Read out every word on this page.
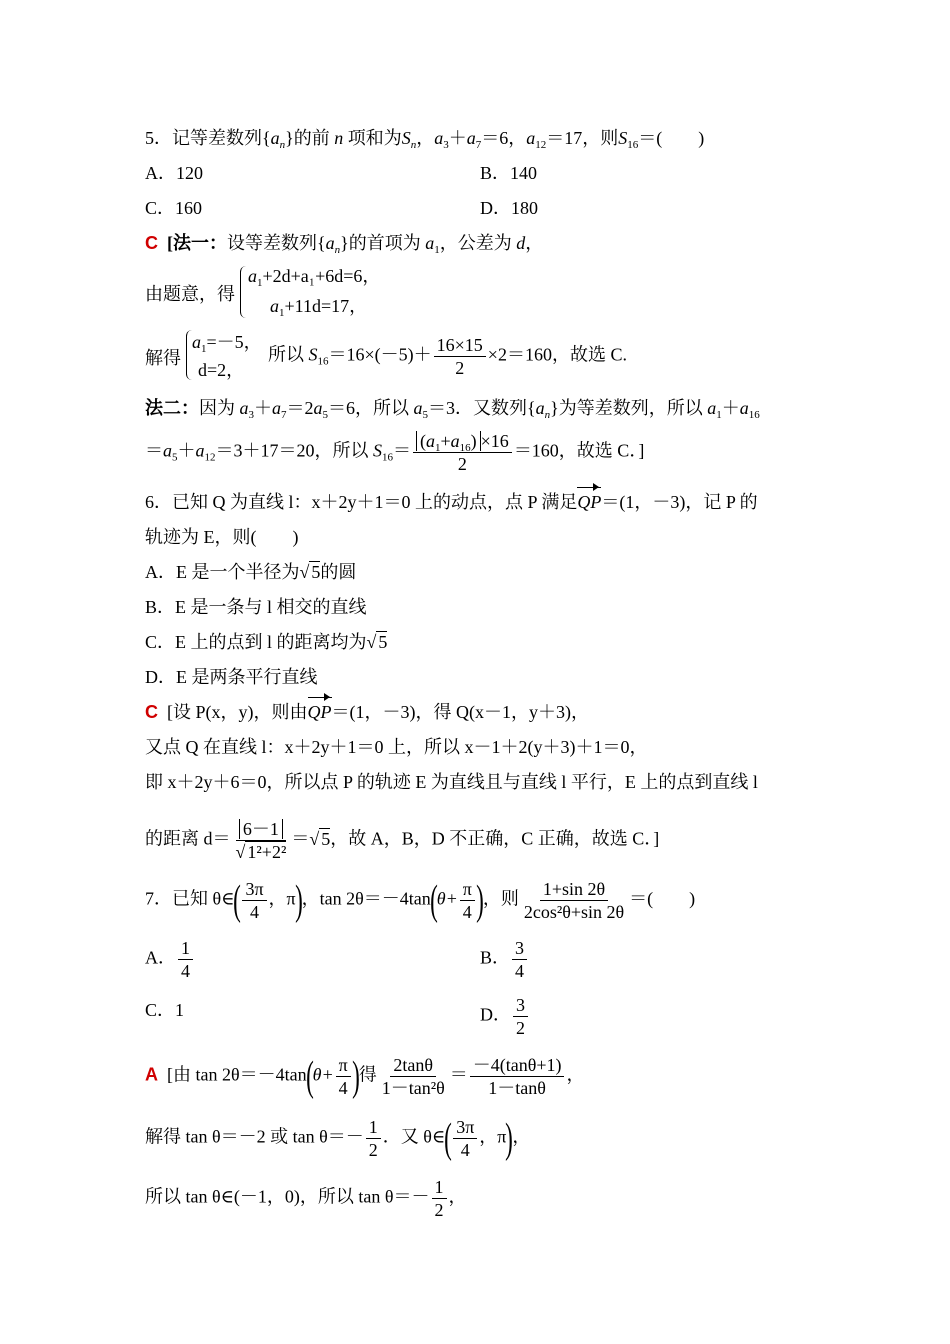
5．记等差数列$\{a_n\}$的前 n 项和为$S_n$，$a_3+a_7=6$，$a_{12}=17$，则$S_{16}=$(　　)
A．120	B．140
C．160	D．180
C [法一：设等差数列$\{a_n\}$的首项为 $a_1$，公差为 d，
由题意，得
$a_1+2d+a_1+6d=6$，
$a_1+11d=17$，
解得
$a_1=-5$，
d=2，
所以 $S_{16}=16\times(-5)+ \frac{16\times 15}{2} \times 2=160$，故选 C.
法二：因为 $a_3+a_7=2a_5=6$，所以 $a_5=3$．又数列$\{a_n\}$为等差数列，所以 $a_1+a_{16}$
$=a_5+a_{12}=3+17=20$，所以 $S_{16}= \frac{(a_1+a_{16}) \times 16}{2} =160$，故选 C．]
6．已知 Q 为直线 l：x＋2y＋1＝0 上的动点，点 P 满足QP＝(1，－3)，记 P 的
轨迹为 E，则(　　)
A．E 是一个半径为√ 5的圆
B．E 是一条与 l 相交的直线
C．E 上的点到 l 的距离均为√ 5
D．E 是两条平行直线
C [设 P(x，y)，则由QP＝(1，－3)，得 Q(x－1，y＋3)，
又点 Q 在直线 l：x＋2y＋1＝0 上，所以 x－1＋2(y＋3)＋1＝0，
即 x＋2y＋6＝0，所以点 P 的轨迹 E 为直线且与直线 l 平行，E 上的点到直线 l
的距离 $d= \frac{6-1}{\text{√ 1²+2²}}$ ＝√ 5，故 A，B，D 不正确，C 正确，故选 C．]
7．已知 θ∈( $\frac{3\pi}{4}$ ，π)，$\tan 2\theta=-4\tan(\theta+ \frac{\pi}{4}$ )，则 $\frac{1+\sin 2\theta}{\text{2cos²θ+sin 2θ}}$ ＝(　　)
A． $\frac{1}{4}$	B． $\frac{3}{4}$
C．1	D． $\frac{3}{2}$
A [由 $\tan 2\theta=-4\tan(\theta+ \frac{\pi}{4}$ )得 $\frac{2\tan\theta}{\text{1－tan²θ}} = \frac{-4(\tan\theta+1)}{1-\tan\theta}$ ，
解得 tan θ＝－2 或 $\tan \theta=- \frac{1}{2}$ ．又 θ∈( $\frac{3\pi}{4}$ ，π)，
所以 tan θ∈(－1，0)，所以 $\tan \theta=- \frac{1}{2}$ ，
